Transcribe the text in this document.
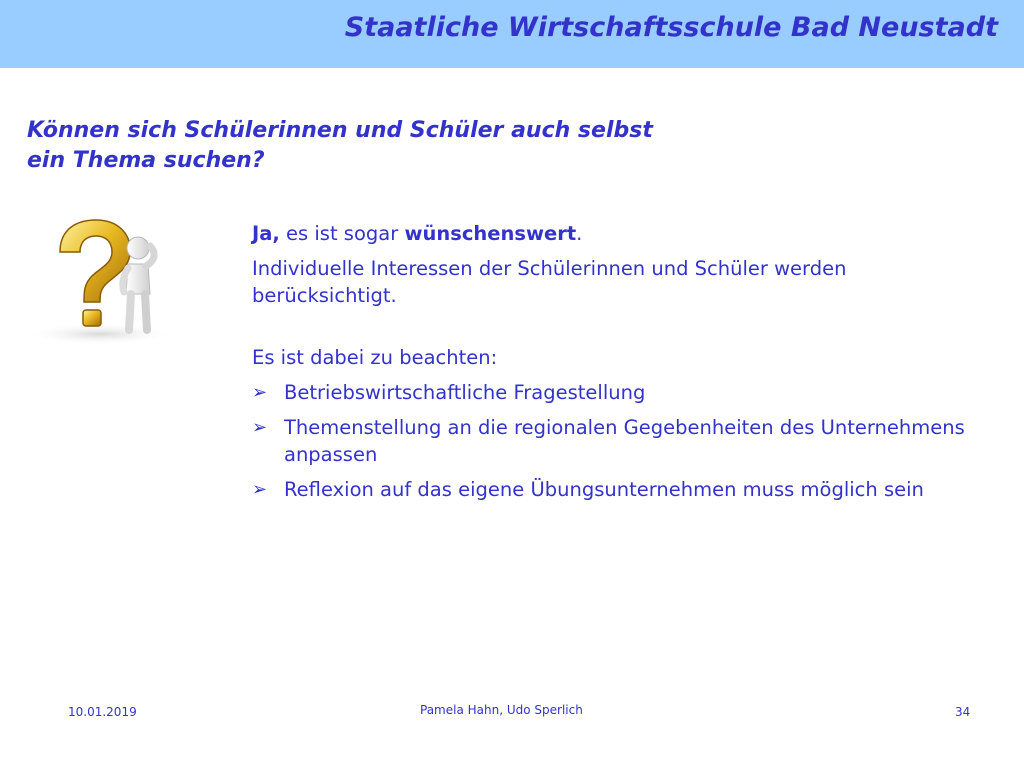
Staatliche Wirtschaftsschule Bad Neustadt
Können sich Schülerinnen und Schüler auch selbst
ein Thema suchen?

Ja, es ist sogar wünschenswert.

Individuelle Interessen der Schülerinnen und Schüler werden berücksichtigt.

Es ist dabei zu beachten:

➢ Betriebswirtschaftliche Fragestellung
➢ Themenstellung an die regionalen Gegebenheiten des Unternehmens anpassen
➢ Reflexion auf das eigene Übungsunternehmen muss möglich sein
10.01.2019	Pamela Hahn, Udo Sperlich	34
